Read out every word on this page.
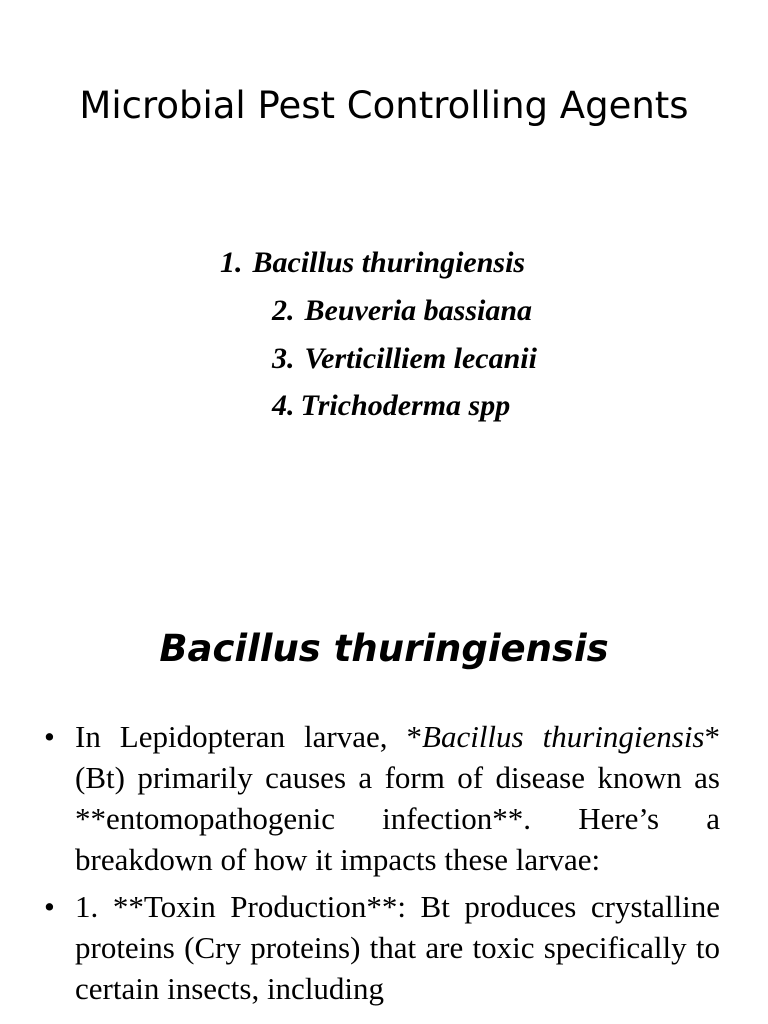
Microbial Pest Controlling Agents

1. Bacillus thuringiensis

2. Beuveria bassiana

3. Verticilliem lecanii

4. Trichoderma spp

Bacillus thuringiensis
• In Lepidopteran larvae, *Bacillus thuringiensis* (Bt) primarily causes a form of disease known as **entomopathogenic infection**. Here’s a breakdown of how it impacts these larvae:
• 1. **Toxin Production**: Bt produces crystalline proteins (Cry proteins) that are toxic specifically to certain insects, including
